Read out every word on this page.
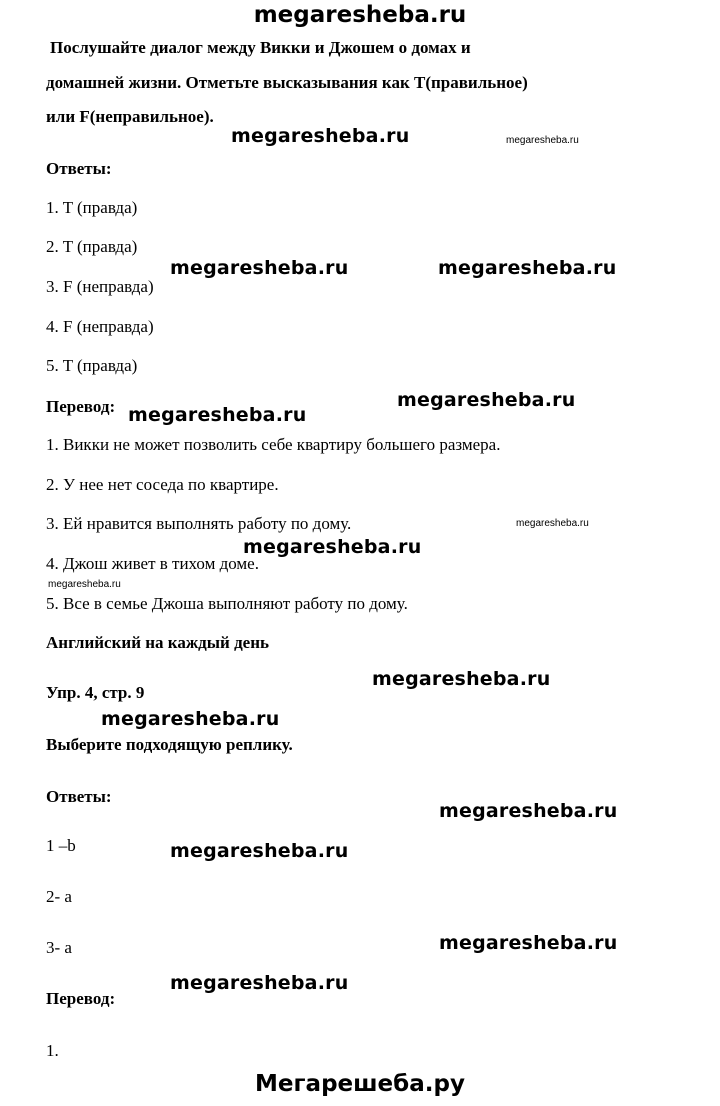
megaresheba.ru
Послушайте диалог между Викки и Джошем о домах и
домашней жизни. Отметьте высказывания как T(правильное)
или F(неправильное).
Ответы:
1. T (правда)
2. T (правда)
3. F (неправда)
4. F (неправда)
5. T (правда)
Перевод:
1. Викки не может позволить себе квартиру большего размера.
2. У нее нет соседа по квартире.
3. Ей нравится выполнять работу по дому.
4. Джош живет в тихом доме.
5. Все в семье Джоша выполняют работу по дому.
Английский на каждый день
Упр. 4, стр. 9
Выберите подходящую реплику.
Ответы:
1 –b
2- a
3- a
Перевод:
1.
megaresheba.ru
megaresheba.ru	megaresheba.ru
megaresheba.ru
megaresheba.ru
megaresheba.ru
megaresheba.ru
megaresheba.ru
megaresheba.ru
megaresheba.ru
megaresheba.ru
megaresheba.ru
megaresheba.ru
megaresheba.ru
megaresheba.ru
Мегарешеба.ру
